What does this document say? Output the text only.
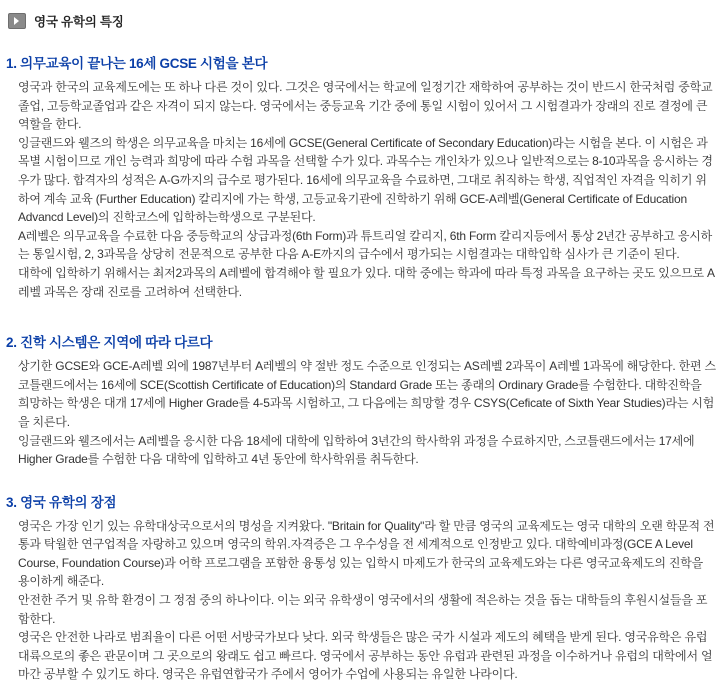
영국 유학의 특징
1. 의무교육이 끝나는 16세 GCSE 시험을 본다

영국과 한국의 교육제도에는 또 하나 다른 것이 있다. 그것은 영국에서는 학교에 일정기간 재학하여 공부하는 것이 반드시 한국처럼 중학교 졸업, 고등학교졸업과 같은 자격이 되지 않는다. 영국에서는 중등교육 기간 중에 통일 시험이 있어서 그 시험결과가 장래의 진로 결정에 큰 역할을 한다.

잉글랜드와 웰즈의 학생은 의무교육을 마치는 16세에 GCSE(General Certificate of Secondary Education)라는 시험을 본다. 이 시험은 과목별 시험이므로 개인 능력과 희망에 따라 수험 과목을 선택할 수가 있다. 과목수는 개인차가 있으나 일반적으로는 8-10과목을 응시하는 경우가 많다. 합격자의 성적은 A-G까지의 급수로 평가된다. 16세에 의무교육을 수료하면, 그대로 취직하는 학생, 직업적인 자격을 익히기 위하여 계속 교육 (Further Education) 칼리지에 가는 학생, 고등교육기관에 진학하기 위해 GCE-A레벨(General Certificate of Education Advancd Level)의 진학코스에 입학하는학생으로 구분된다.

A레벨은 의무교육을 수료한 다음 중등학교의 상급과정(6th Form)과 튜트리얼 칼리지, 6th Form 칼리지등에서 통상 2년간 공부하고 응시하는 통일시험, 2, 3과목을 상당히 전문적으로 공부한 다음 A-E까지의 급수에서 평가되는 시험결과는 대학입학 심사가 큰 기준이 된다.

대학에 입학하기 위해서는 최저2과목의 A레벨에 합격해야 할 필요가 있다. 대학 중에는 학과에 따라 특정 과목을 요구하는 곳도 있으므로 A레벨 과목은 장래 진로를 고려하여 선택한다.

2. 진학 시스템은 지역에 따라 다르다

상기한 GCSE와 GCE-A레벨 외에 1987년부터 A레벨의 약 절반 정도 수준으로 인정되는 AS레벨 2과목이 A레벨 1과목에 해당한다. 한편 스코틀랜드에서는 16세에 SCE(Scottish Certificate of Education)의 Standard Grade 또는 종래의 Ordinary Grade를 수험한다. 대학진학을 희망하는 학생은 대개 17세에 Higher Grade를 4-5과목 시험하고, 그 다음에는 희망할 경우 CSYS(Ceficate of Sixth Year Studies)라는 시험을 치른다.

잉글랜드와 웰즈에서는 A레벨을 응시한 다음 18세에 대학에 입학하여 3년간의 학사학위 과정을 수료하지만, 스코틀랜드에서는 17세에 Higher Grade를 수험한 다음 대학에 입학하고 4년 동안에 학사학위를 취득한다.

3. 영국 유학의 장점

영국은 가장 인기 있는 유학대상국으로서의 명성을 지켜왔다. "Britain for Quality"라 할 만큼 영국의 교육제도는 영국 대학의 오랜 학문적 전통과 탁월한 연구업적을 자랑하고 있으며 영국의 학위.자격증은 그 우수성을 전 세계적으로 인정받고 있다. 대학예비과정(GCE A Level Course, Foundation Course)과 어학 프로그램을 포함한 융통성 있는 입학시 마제도가 한국의 교육제도와는 다른 영국교육제도의 진학을 용이하게 해준다.

안전한 주거 및 유학 환경이 그 정점 중의 하나이다. 이는 외국 유학생이 영국에서의 생활에 적은하는 것을 돕는 대학들의 후원시설들을 포함한다.

영국은 안전한 나라로 범죄율이 다른 어떤 서방국가보다 낮다. 외국 학생들은 많은 국가 시설과 제도의 혜택을 받게 된다. 영국유학은 유럽 대륙으로의 좋은 관문이며 그 곳으로의 왕래도 쉽고 빠르다. 영국에서 공부하는 동안 유럽과 관련된 과정을 이수하거나 유럽의 대학에서 얼마간 공부할 수 있기도 하다. 영국은 유럽연합국가 주에서 영어가 수업에 사용되는 유일한 나라이다.
